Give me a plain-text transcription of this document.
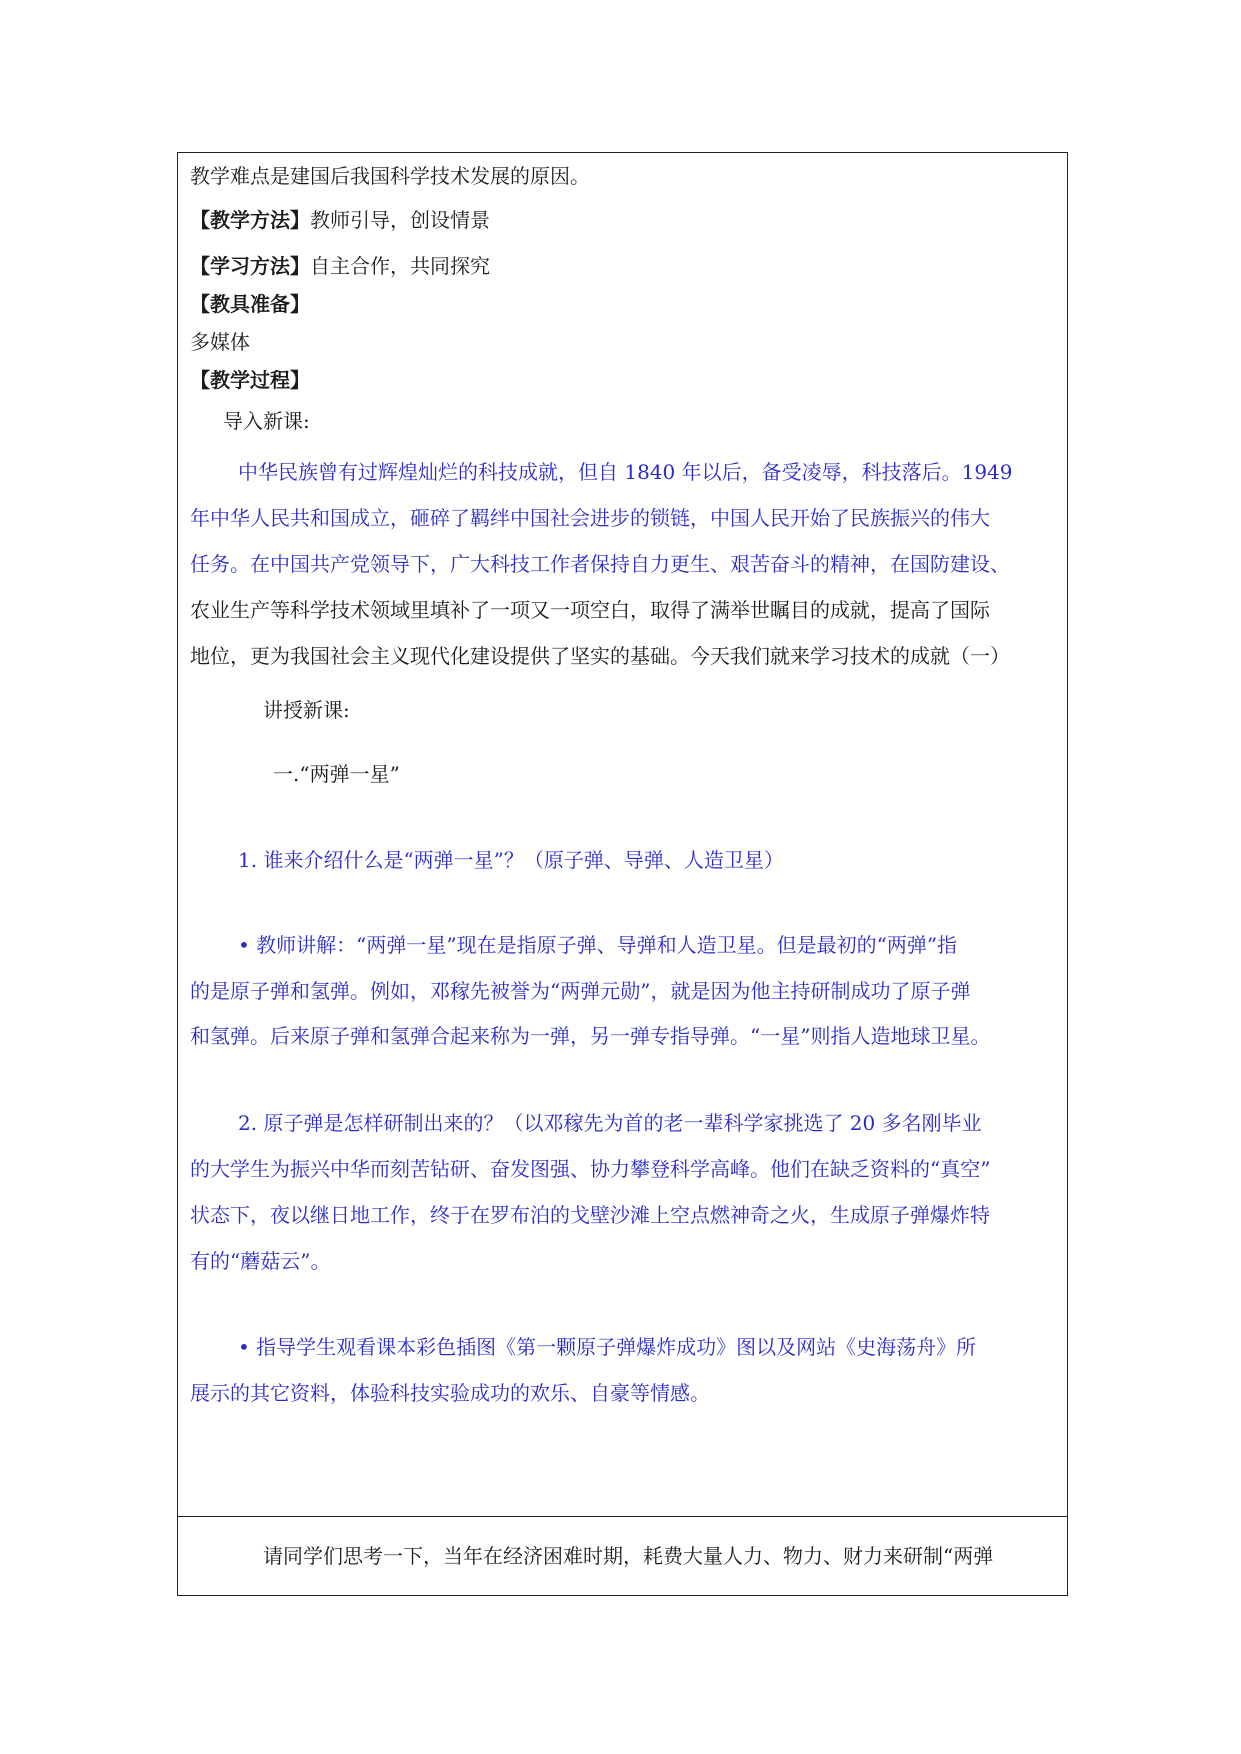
教学难点是建国后我国科学技术发展的原因。
【教学方法】教师引导，创设情景
【学习方法】自主合作，共同探究
【教具准备】
多媒体
【教学过程】
导入新课:
中华民族曾有过辉煌灿烂的科技成就，但自 1840 年以后，备受凌辱，科技落后。1949
年中华人民共和国成立，砸碎了羁绊中国社会进步的锁链，中国人民开始了民族振兴的伟大
任务。在中国共产党领导下，广大科技工作者保持自力更生、艰苦奋斗的精神，在国防建设、
农业生产等科学技术领域里填补了一项又一项空白，取得了满举世瞩目的成就，提高了国际
地位，更为我国社会主义现代化建设提供了坚实的基础。今天我们就来学习技术的成就（一）
讲授新课:
一.“两弹一星”
1. 谁来介绍什么是“两弹一星”？（原子弹、导弹、人造卫星）
• 教师讲解：“两弹一星”现在是指原子弹、导弹和人造卫星。但是最初的“两弹”指
的是原子弹和氢弹。例如，邓稼先被誉为“两弹元勋”，就是因为他主持研制成功了原子弹
和氢弹。后来原子弹和氢弹合起来称为一弹，另一弹专指导弹。“一星”则指人造地球卫星。
2. 原子弹是怎样研制出来的？（以邓稼先为首的老一辈科学家挑选了 20 多名刚毕业
的大学生为振兴中华而刻苦钻研、奋发图强、协力攀登科学高峰。他们在缺乏资料的“真空”
状态下，夜以继日地工作，终于在罗布泊的戈壁沙滩上空点燃神奇之火，生成原子弹爆炸特
有的“蘑菇云”。
• 指导学生观看课本彩色插图《第一颗原子弹爆炸成功》图以及网站《史海荡舟》所
展示的其它资料，体验科技实验成功的欢乐、自豪等情感。
请同学们思考一下，当年在经济困难时期，耗费大量人力、物力、财力来研制“两弹
